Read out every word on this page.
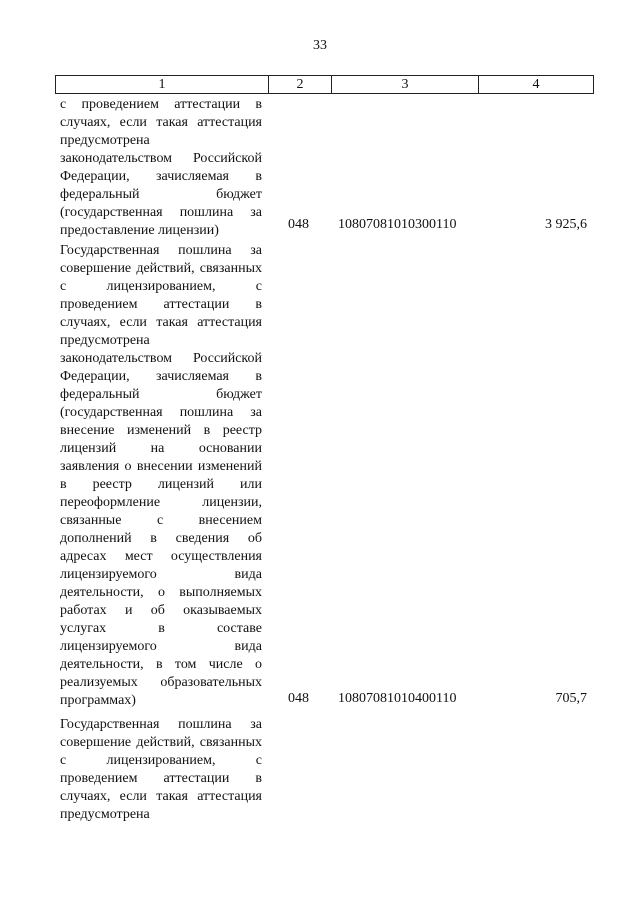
33
1	2	3	4
с проведением аттестации в случаях, если такая аттестация предусмотрена законодательством Российской Федерации, зачисляемая в федеральный бюджет (государственная пошлина за предоставление лицензии)	048	10807081010300110	3 925,6
Государственная пошлина за совершение действий, связанных с лицензированием, с проведением аттестации в случаях, если такая аттестация предусмотрена законодательством Российской Федерации, зачисляемая в федеральный бюджет (государственная пошлина за внесение изменений в реестр лицензий на основании заявления о внесении изменений в реестр лицензий или переоформление лицензии, связанные с внесением дополнений в сведения об адресах мест осуществления лицензируемого вида деятельности, о выполняемых работах и об оказываемых услугах в составе лицензируемого вида деятельности, в том числе о реализуемых образовательных программах)	048	10807081010400110	705,7
Государственная пошлина за совершение действий, связанных с лицензированием, с проведением аттестации в случаях, если такая аттестация предусмотрена
